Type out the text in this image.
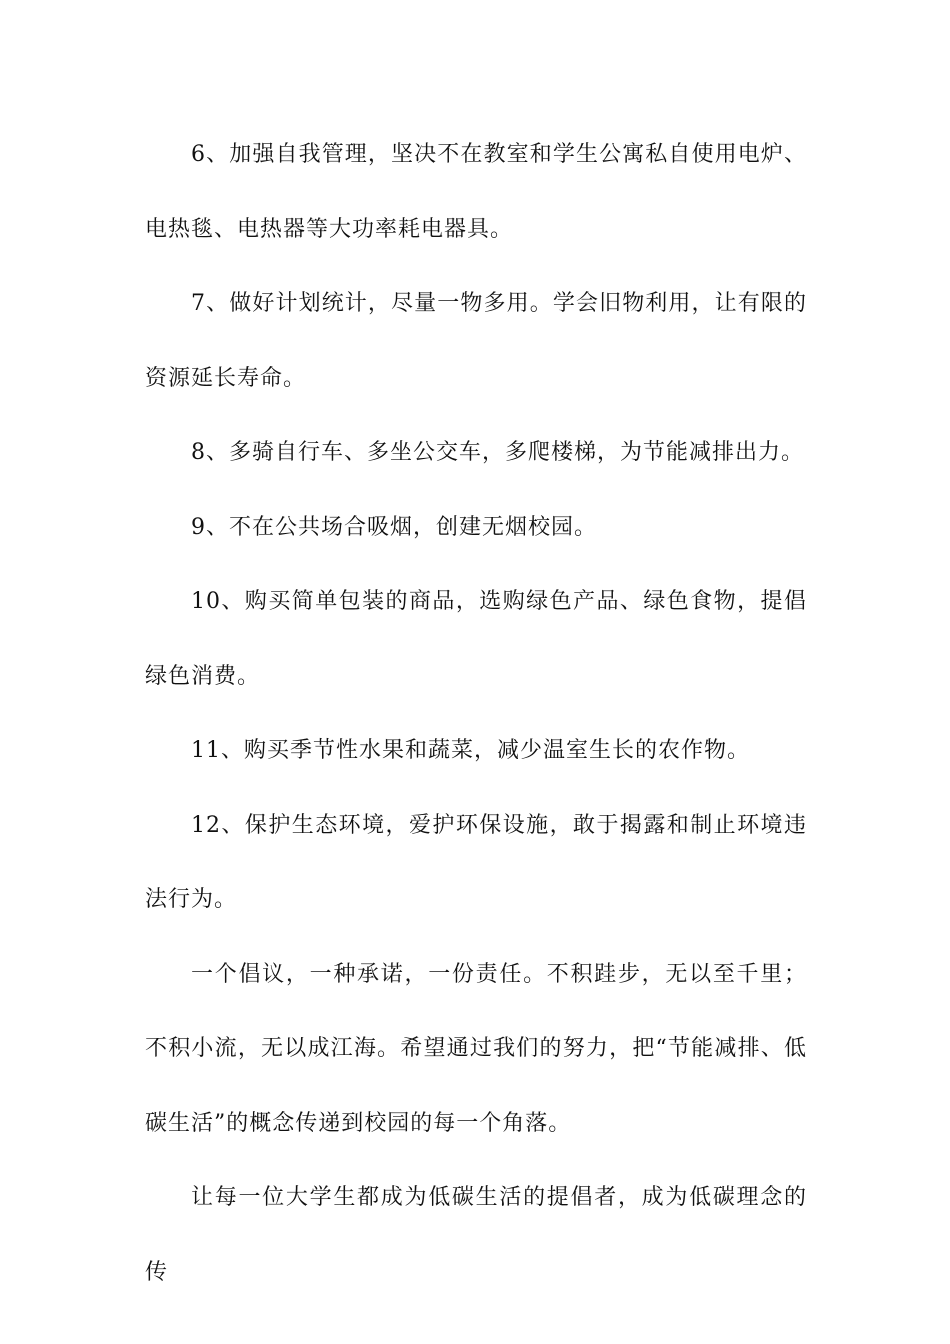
6、加强自我管理，坚决不在教室和学生公寓私自使用电炉、电热毯、电热器等大功率耗电器具。

7、做好计划统计，尽量一物多用。学会旧物利用，让有限的资源延长寿命。

8、多骑自行车、多坐公交车，多爬楼梯，为节能减排出力。

9、不在公共场合吸烟，创建无烟校园。

10、购买简单包装的商品，选购绿色产品、绿色食物，提倡绿色消费。

11、购买季节性水果和蔬菜，减少温室生长的农作物。

12、保护生态环境，爱护环保设施，敢于揭露和制止环境违法行为。

一个倡议，一种承诺，一份责任。不积跬步，无以至千里；不积小流，无以成江海。希望通过我们的努力，把“节能减排、低碳生活”的概念传递到校园的每一个角落。

让每一位大学生都成为低碳生活的提倡者，成为低碳理念的传
